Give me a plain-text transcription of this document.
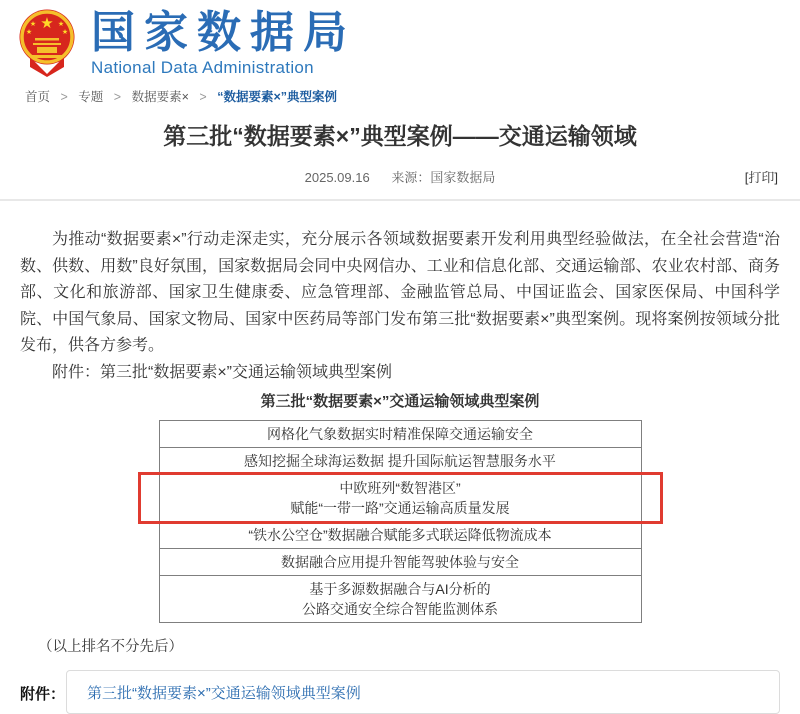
★
★	★
★	★ 国家数据局
National Data Administration
首页 > 专题 > 数据要素× > “数据要素×”典型案例
第三批“数据要素×”典型案例——交通运输领域
2025.09.16 来源：国家数据局	[打印]

为推动“数据要素×”行动走深走实，充分展示各领域数据要素开发利用典型经验做法，在全社会营造“治数、供数、用数”良好氛围，国家数据局会同中央网信办、工业和信息化部、交通运输部、农业农村部、商务部、文化和旅游部、国家卫生健康委、应急管理部、金融监管总局、中国证监会、国家医保局、中国科学院、中国气象局、国家文物局、国家中医药局等部门发布第三批“数据要素×”典型案例。现将案例按领域分批发布，供各方参考。

附件：第三批“数据要素×”交通运输领域典型案例

第三批“数据要素×”交通运输领域典型案例
网格化气象数据实时精准保障交通运输安全
感知挖掘全球海运数据 提升国际航运智慧服务水平
中欧班列“数智港区”
赋能“一带一路”交通运输高质量发展
“铁水公空仓”数据融合赋能多式联运降低物流成本
数据融合应用提升智能驾驶体验与安全
基于多源数据融合与AI分析的
公路交通安全综合智能监测体系
（以上排名不分先后）
附件： 第三批“数据要素×”交通运输领域典型案例
